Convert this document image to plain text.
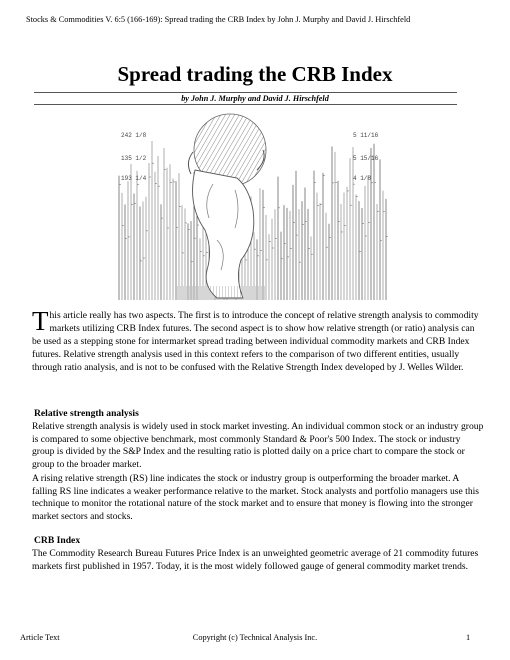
Stocks & Commodities V. 6:5 (166-169): Spread trading the CRB Index by John J. Murphy and David J. Hirschfeld
Spread trading the CRB Index
by John J. Murphy and David J. Hirschfeld
242 1/8
135 1/2
193 1/4
5 11/16
5 15/16
4 1/8

This article really has two aspects. The first is to introduce the concept of relative strength analysis to commodity markets utilizing CRB Index futures. The second aspect is to show how relative strength (or ratio) analysis can be used as a stepping stone for intermarket spread trading between individual commodity markets and CRB Index futures. Relative strength analysis used in this context refers to the comparison of two different entities, usually through ratio analysis, and is not to be confused with the Relative Strength Index developed by J. Welles Wilder.

Relative strength analysis

Relative strength analysis is widely used in stock market investing. An individual common stock or an industry group is compared to some objective benchmark, most commonly Standard & Poor's 500 Index. The stock or industry group is divided by the S&P Index and the resulting ratio is plotted daily on a price chart to compare the stock or group to the broader market.

A rising relative strength (RS) line indicates the stock or industry group is outperforming the broader market. A falling RS line indicates a weaker performance relative to the market. Stock analysts and portfolio managers use this technique to monitor the rotational nature of the stock market and to ensure that money is flowing into the stronger market sectors and stocks.

CRB Index

The Commodity Research Bureau Futures Price Index is an unweighted geometric average of 21 commodity futures markets first published in 1957. Today, it is the most widely followed gauge of general commodity market trends.

Article Text	Copyright (c) Technical Analysis Inc.	1
